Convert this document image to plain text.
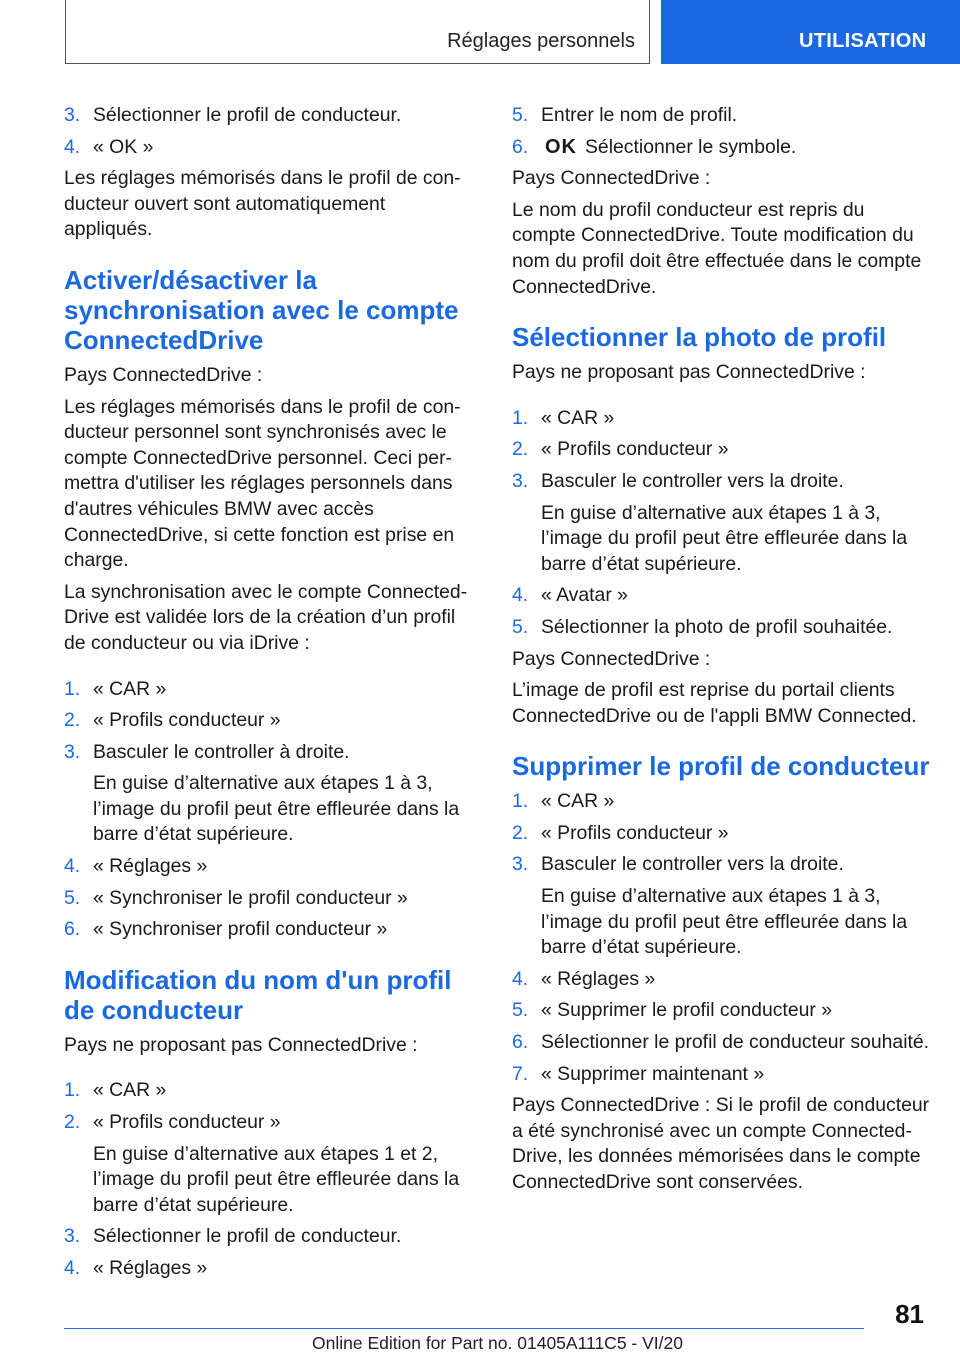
Réglages personnels	UTILISATION
3. Sélectionner le profil de conducteur.
4. « OK »

Les réglages mémorisés dans le profil de conducteur ouvert sont automatiquement appliqués.

Activer/désactiver la synchronisation avec le compte ConnectedDrive

Pays ConnectedDrive :

Les réglages mémorisés dans le profil de conducteur personnel sont synchronisés avec le compte ConnectedDrive personnel. Ceci permettra d'utiliser les réglages personnels dans d'autres véhicules BMW avec accès ConnectedDrive, si cette fonction est prise en charge.

La synchronisation avec le compte ConnectedDrive est validée lors de la création d’un profil de conducteur ou via iDrive :

1. « CAR »
2. « Profils conducteur »
3. Basculer le controller à droite.

En guise d’alternative aux étapes 1 à 3, l’image du profil peut être effleurée dans la barre d’état supérieure.

4. « Réglages »
5. « Synchroniser le profil conducteur »
6. « Synchroniser profil conducteur »
Modification du nom d'un profil de conducteur

Pays ne proposant pas ConnectedDrive :

1. « CAR »
2. « Profils conducteur »

En guise d’alternative aux étapes 1 et 2, l’image du profil peut être effleurée dans la barre d’état supérieure.

3. Sélectionner le profil de conducteur.
4. « Réglages »
5. Entrer le nom de profil.
6. OK Sélectionner le symbole.

Pays ConnectedDrive :

Le nom du profil conducteur est repris du compte ConnectedDrive. Toute modification du nom du profil doit être effectuée dans le compte ConnectedDrive.

Sélectionner la photo de profil

Pays ne proposant pas ConnectedDrive :

1. « CAR »
2. « Profils conducteur »
3. Basculer le controller vers la droite.

En guise d’alternative aux étapes 1 à 3, l’image du profil peut être effleurée dans la barre d’état supérieure.

4. « Avatar »
5. Sélectionner la photo de profil souhaitée.

Pays ConnectedDrive :

L’image de profil est reprise du portail clients ConnectedDrive ou de l'appli BMW Connected.

Supprimer le profil de conducteur
1. « CAR »
2. « Profils conducteur »
3. Basculer le controller vers la droite.

En guise d’alternative aux étapes 1 à 3, l’image du profil peut être effleurée dans la barre d’état supérieure.

4. « Réglages »
5. « Supprimer le profil conducteur »
6. Sélectionner le profil de conducteur souhaité.
7. « Supprimer maintenant »

Pays ConnectedDrive : Si le profil de conducteur a été synchronisé avec un compte ConnectedDrive, les données mémorisées dans le compte ConnectedDrive sont conservées.

81
Online Edition for Part no. 01405A111C5 - VI/20
